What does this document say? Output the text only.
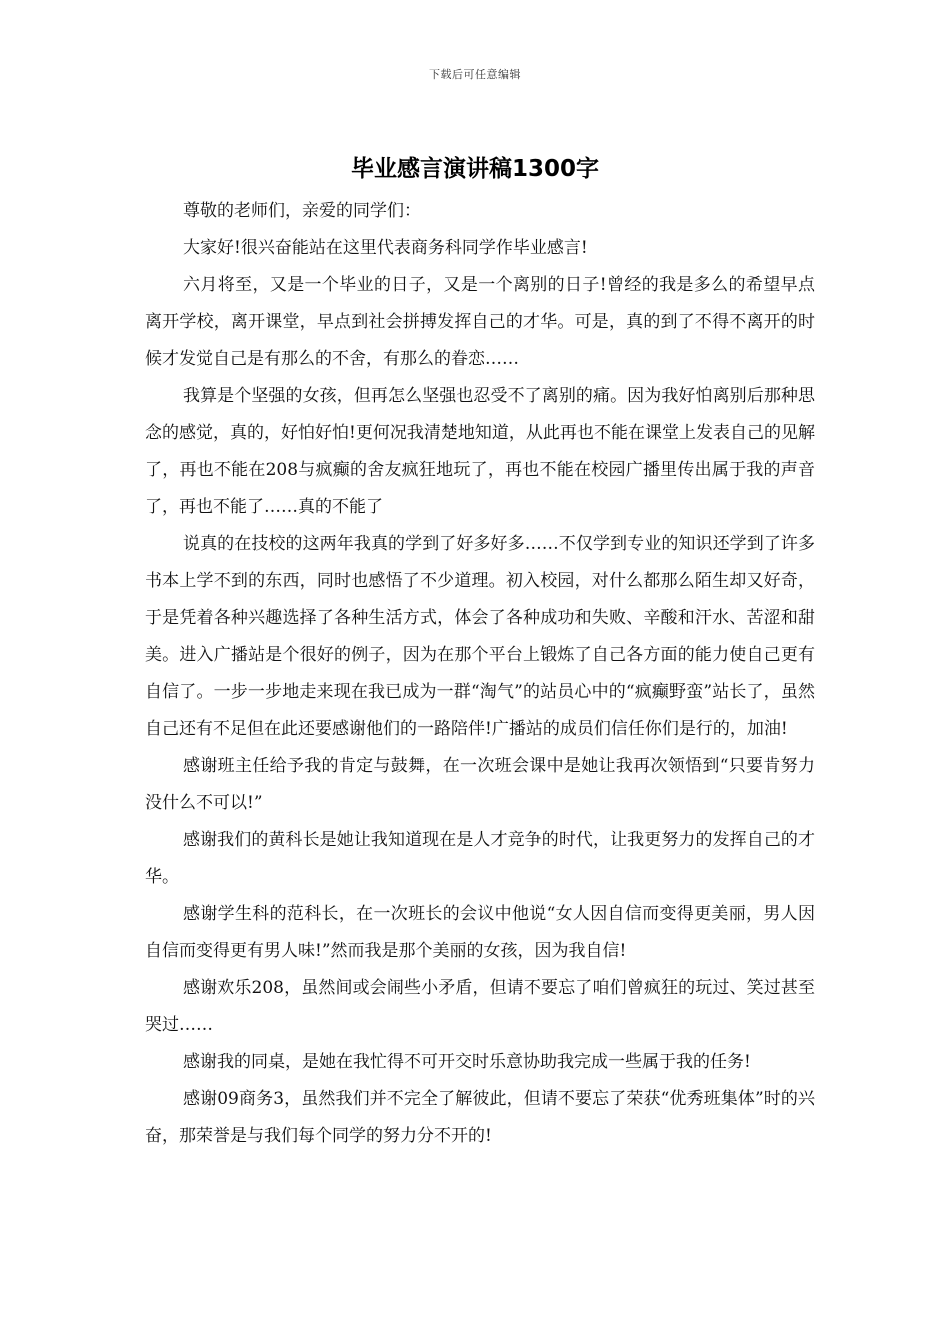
下载后可任意编辑
毕业感言演讲稿1300字

尊敬的老师们，亲爱的同学们：

大家好!很兴奋能站在这里代表商务科同学作毕业感言!

六月将至，又是一个毕业的日子，又是一个离别的日子!曾经的我是多么的希望早点离开学校，离开课堂，早点到社会拼搏发挥自己的才华。可是，真的到了不得不离开的时候才发觉自己是有那么的不舍，有那么的眷恋……

我算是个坚强的女孩，但再怎么坚强也忍受不了离别的痛。因为我好怕离别后那种思念的感觉，真的，好怕好怕!更何况我清楚地知道，从此再也不能在课堂上发表自己的见解了，再也不能在208与疯癫的舍友疯狂地玩了，再也不能在校园广播里传出属于我的声音了，再也不能了……真的不能了

说真的在技校的这两年我真的学到了好多好多……不仅学到专业的知识还学到了许多书本上学不到的东西，同时也感悟了不少道理。初入校园，对什么都那么陌生却又好奇，于是凭着各种兴趣选择了各种生活方式，体会了各种成功和失败、辛酸和汗水、苦涩和甜美。进入广播站是个很好的例子，因为在那个平台上锻炼了自己各方面的能力使自己更有自信了。一步一步地走来现在我已成为一群“淘气”的站员心中的“疯癫野蛮”站长了，虽然自己还有不足但在此还要感谢他们的一路陪伴!广播站的成员们信任你们是行的，加油!

感谢班主任给予我的肯定与鼓舞，在一次班会课中是她让我再次领悟到“只要肯努力没什么不可以!”

感谢我们的黄科长是她让我知道现在是人才竞争的时代，让我更努力的发挥自己的才华。

感谢学生科的范科长，在一次班长的会议中他说“女人因自信而变得更美丽，男人因自信而变得更有男人味!”然而我是那个美丽的女孩，因为我自信!

感谢欢乐208，虽然间或会闹些小矛盾，但请不要忘了咱们曾疯狂的玩过、笑过甚至哭过……

感谢我的同桌，是她在我忙得不可开交时乐意协助我完成一些属于我的任务!

感谢09商务3，虽然我们并不完全了解彼此，但请不要忘了荣获“优秀班集体”时的兴奋，那荣誉是与我们每个同学的努力分不开的!
